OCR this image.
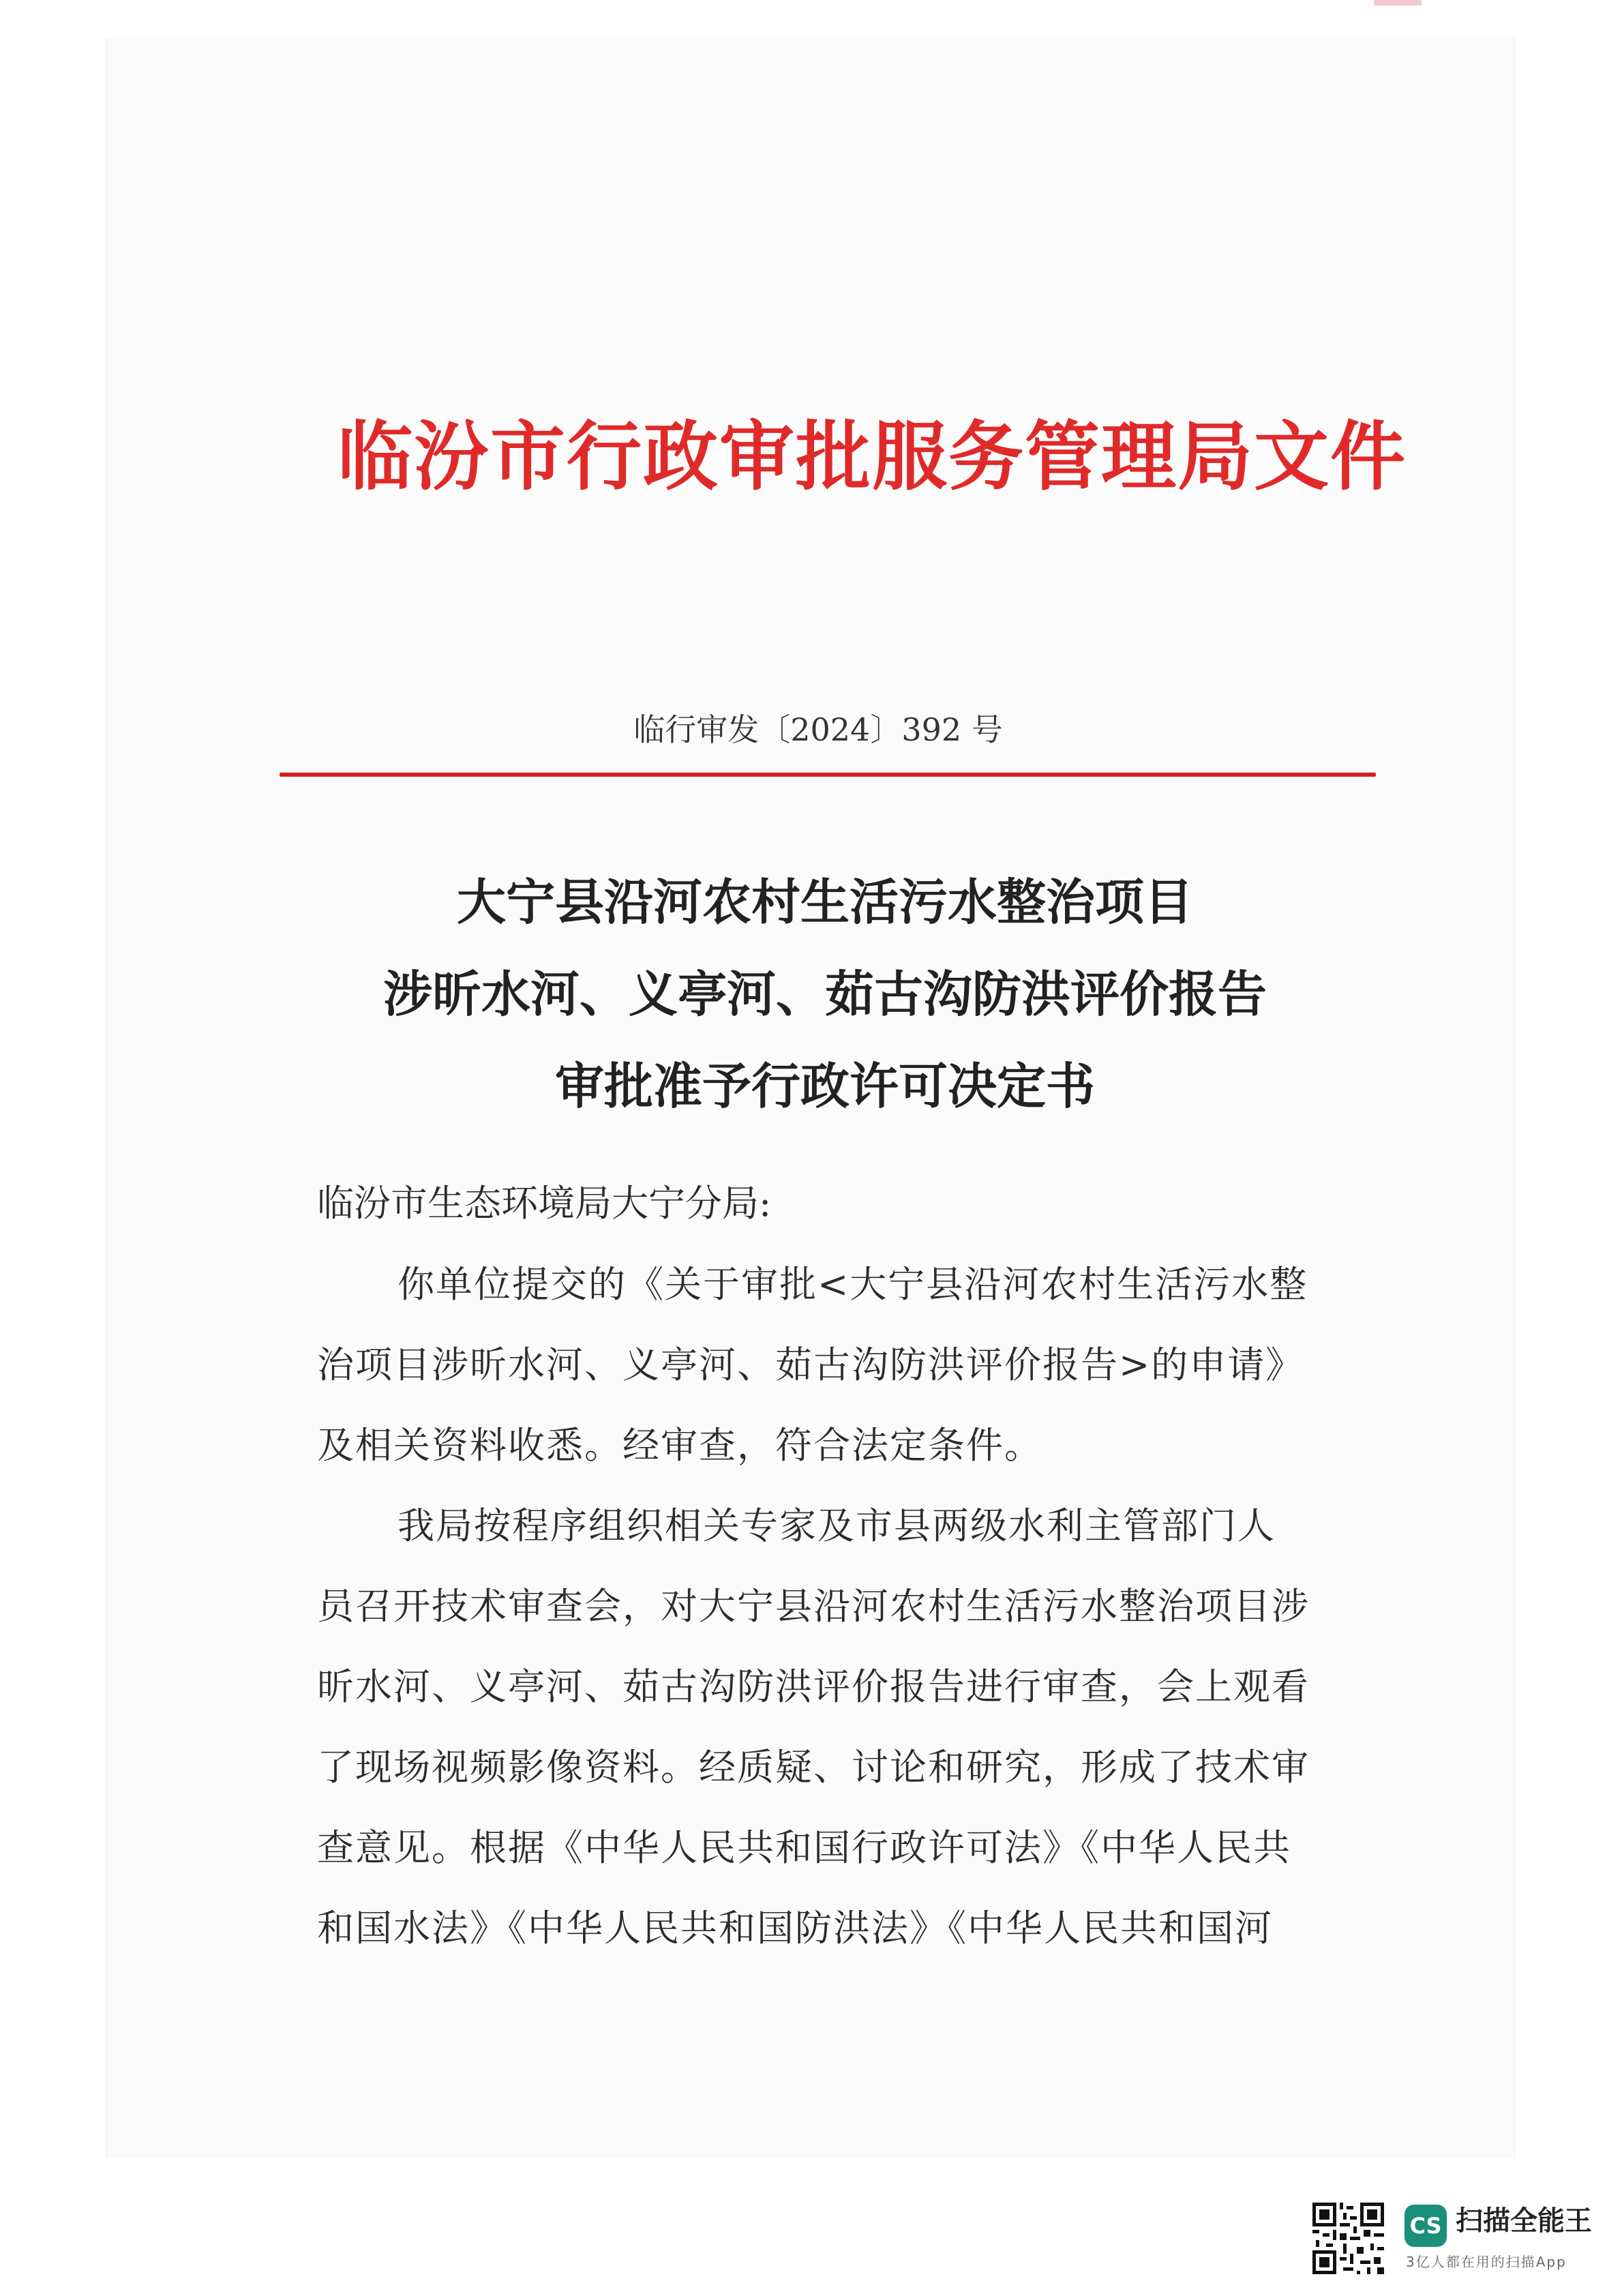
临汾市行政审批服务管理局文件
临行审发〔2024〕392 号
大宁县沿河农村生活污水整治项目
涉昕水河、义亭河、茹古沟防洪评价报告
审批准予行政许可决定书
临汾市生态环境局大宁分局:
你单位提交的《关于审批<大宁县沿河农村生活污水整
治项目涉昕水河、义亭河、茹古沟防洪评价报告>的申请》
及相关资料收悉。经审查，符合法定条件。
我局按程序组织相关专家及市县两级水利主管部门人
员召开技术审查会，对大宁县沿河农村生活污水整治项目涉
昕水河、义亭河、茹古沟防洪评价报告进行审查，会上观看
了现场视频影像资料。经质疑、讨论和研究，形成了技术审
查意见。根据《中华人民共和国行政许可法》《中华人民共
和国水法》《中华人民共和国防洪法》《中华人民共和国河
CS 扫描全能王
3亿人都在用的扫描App
